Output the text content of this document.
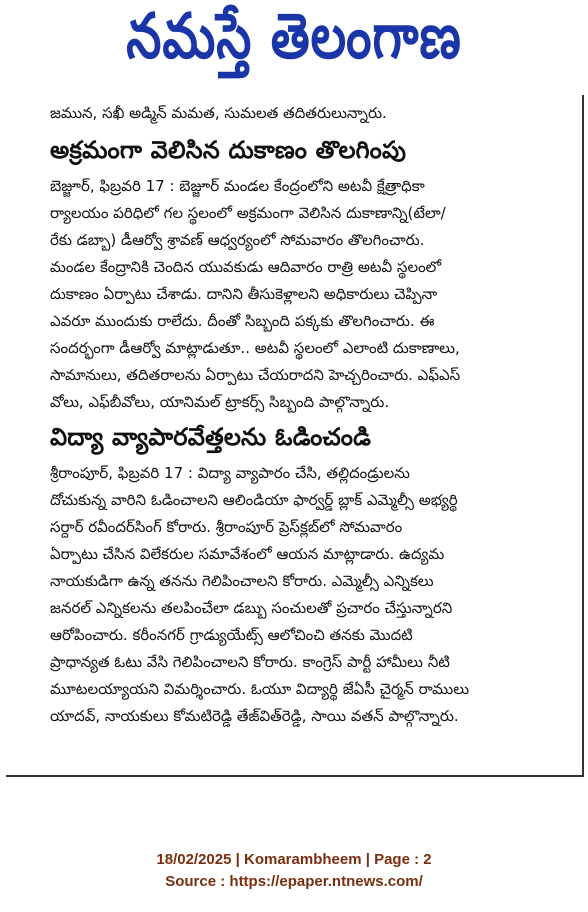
నమస్తే తెలంగాణ

జమున, సఖీ అడ్మిన్ మమత, సుమలత తదితరులున్నారు.

అక్రమంగా వెలిసిన దుకాణం తొలగింపు

బెజ్జూర్, ఫిబ్రవరి 17 : బెజ్జూర్ మండల కేంద్రంలోని అటవీ క్షేత్రాధికా
ర్యాలయం పరిధిలో గల స్థలంలో అక్రమంగా వెలిసిన దుకాణాన్ని(టేలా/
రేకు డబ్బా) డీఆర్వో శ్రావణ్ ఆధ్వర్యంలో సోమవారం తొలగించారు.
మండల కేంద్రానికి చెందిన యువకుడు ఆదివారం రాత్రి అటవీ స్థలంలో
దుకాణం ఏర్పాటు చేశాడు. దానిని తీసుకెళ్లాలని అధికారులు చెప్పినా
ఎవరూ ముందుకు రాలేదు. దీంతో సిబ్బంది పక్కకు తొలగించారు. ఈ
సందర్భంగా డీఆర్వో మాట్లాడుతూ.. అటవీ స్థలంలో ఎలాంటి దుకాణాలు,
సామానులు, తదితరాలను ఏర్పాటు చేయరాదని హెచ్చరించారు. ఎఫ్ఎస్
వోలు, ఎఫ్‌బీవోలు, యానిమల్ ట్రాకర్స్ సిబ్బంది పాల్గొన్నారు.

విద్యా వ్యాపారవేత్తలను ఓడించండి

శ్రీరాంపూర్, ఫిబ్రవరి 17 : విద్యా వ్యాపారం చేసి, తల్లిదండ్రులను
దోచుకున్న వారిని ఓడించాలని ఆలిండియా ఫార్వర్డ్ బ్లాక్ ఎమ్మెల్సీ అభ్యర్థి
సర్దార్ రవీందర్‌సింగ్ కోరారు. శ్రీరాంపూర్ ప్రెస్‌క్లబ్‌లో సోమవారం
ఏర్పాటు చేసిన విలేకరుల సమావేశంలో ఆయన మాట్లాడారు. ఉద్యమ
నాయకుడిగా ఉన్న తనను గెలిపించాలని కోరారు. ఎమ్మెల్సీ ఎన్నికలు
జనరల్ ఎన్నికలను తలపించేలా డబ్బు సంచులతో ప్రచారం చేస్తున్నారని
ఆరోపించారు. కరీంనగర్ గ్రాడ్యుయేట్స్ ఆలోచించి తనకు మొదటి
ప్రాధాన్యత ఓటు వేసి గెలిపించాలని కోరారు. కాంగ్రెస్ పార్టీ హామీలు నీటి
మూటలయ్యాయని విమర్శించారు. ఓయూ విద్యార్థి జేఏసీ చైర్మన్ రాములు
యాదవ్, నాయకులు కోమటిరెడ్డి తేజ్‌విత్‌రెడ్డి, సాయి వతన్ పాల్గొన్నారు.

18/02/2025 | Komarambheem | Page : 2
Source : https://epaper.ntnews.com/
